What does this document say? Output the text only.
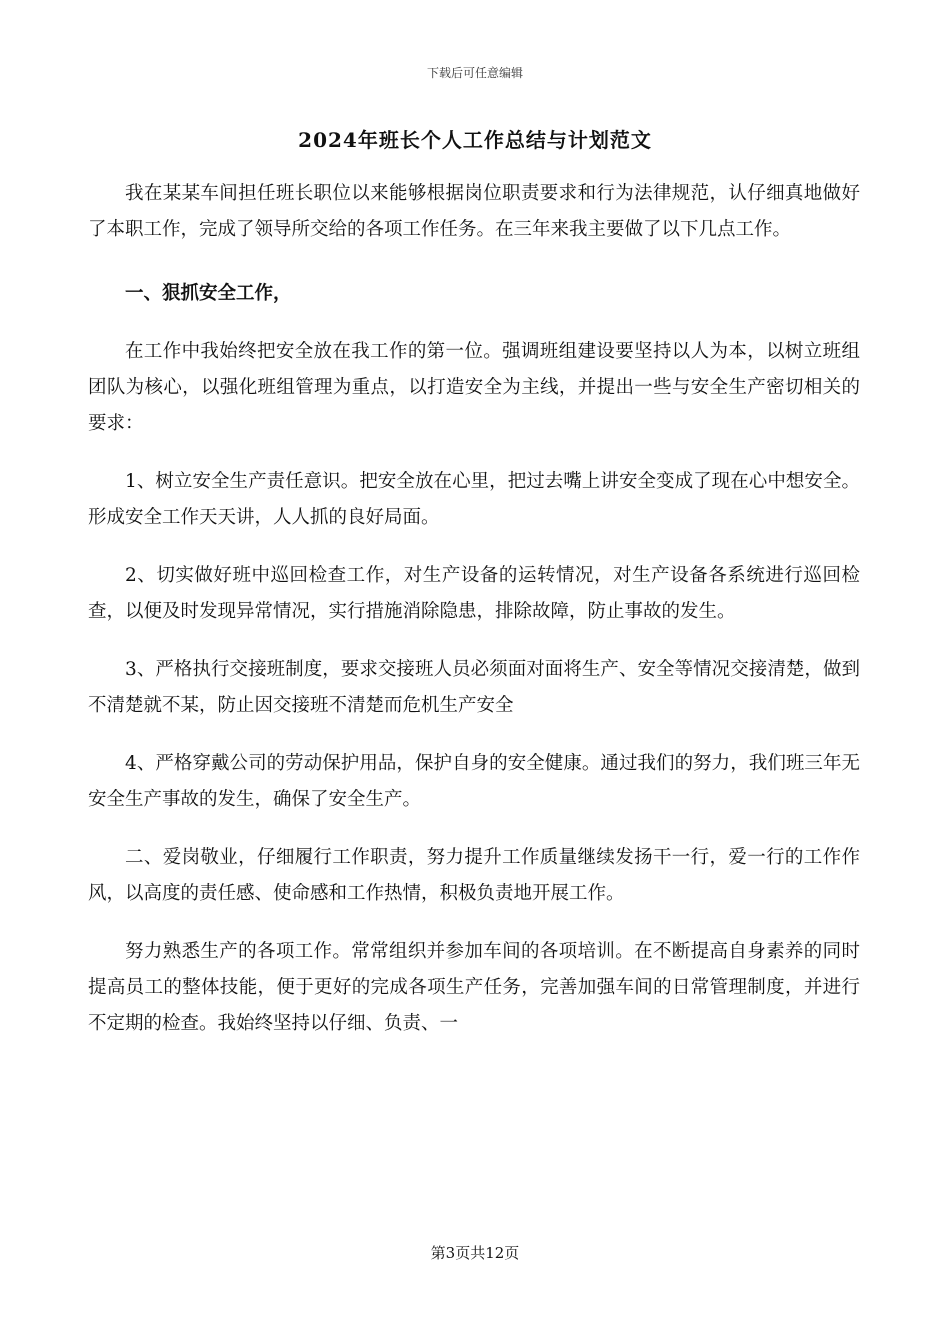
下载后可任意编辑
2024年班长个人工作总结与计划范文

我在某某车间担任班长职位以来能够根据岗位职责要求和行为法律规范，认仔细真地做好了本职工作，完成了领导所交给的各项工作任务。在三年来我主要做了以下几点工作。

一、狠抓安全工作，

在工作中我始终把安全放在我工作的第一位。强调班组建设要坚持以人为本，以树立班组团队为核心，以强化班组管理为重点，以打造安全为主线，并提出一些与安全生产密切相关的要求：

1、树立安全生产责任意识。把安全放在心里，把过去嘴上讲安全变成了现在心中想安全。形成安全工作天天讲，人人抓的良好局面。

2、切实做好班中巡回检查工作，对生产设备的运转情况，对生产设备各系统进行巡回检查，以便及时发现异常情况，实行措施消除隐患，排除故障，防止事故的发生。

3、严格执行交接班制度，要求交接班人员必须面对面将生产、安全等情况交接清楚，做到不清楚就不某，防止因交接班不清楚而危机生产安全

4、严格穿戴公司的劳动保护用品，保护自身的安全健康。通过我们的努力，我们班三年无安全生产事故的发生，确保了安全生产。

二、爱岗敬业，仔细履行工作职责，努力提升工作质量继续发扬干一行，爱一行的工作作风，以高度的责任感、使命感和工作热情，积极负责地开展工作。

努力熟悉生产的各项工作。常常组织并参加车间的各项培训。在不断提高自身素养的同时提高员工的整体技能，便于更好的完成各项生产任务，完善加强车间的日常管理制度，并进行不定期的检查。我始终坚持以仔细、负责、一

第3页共12页
